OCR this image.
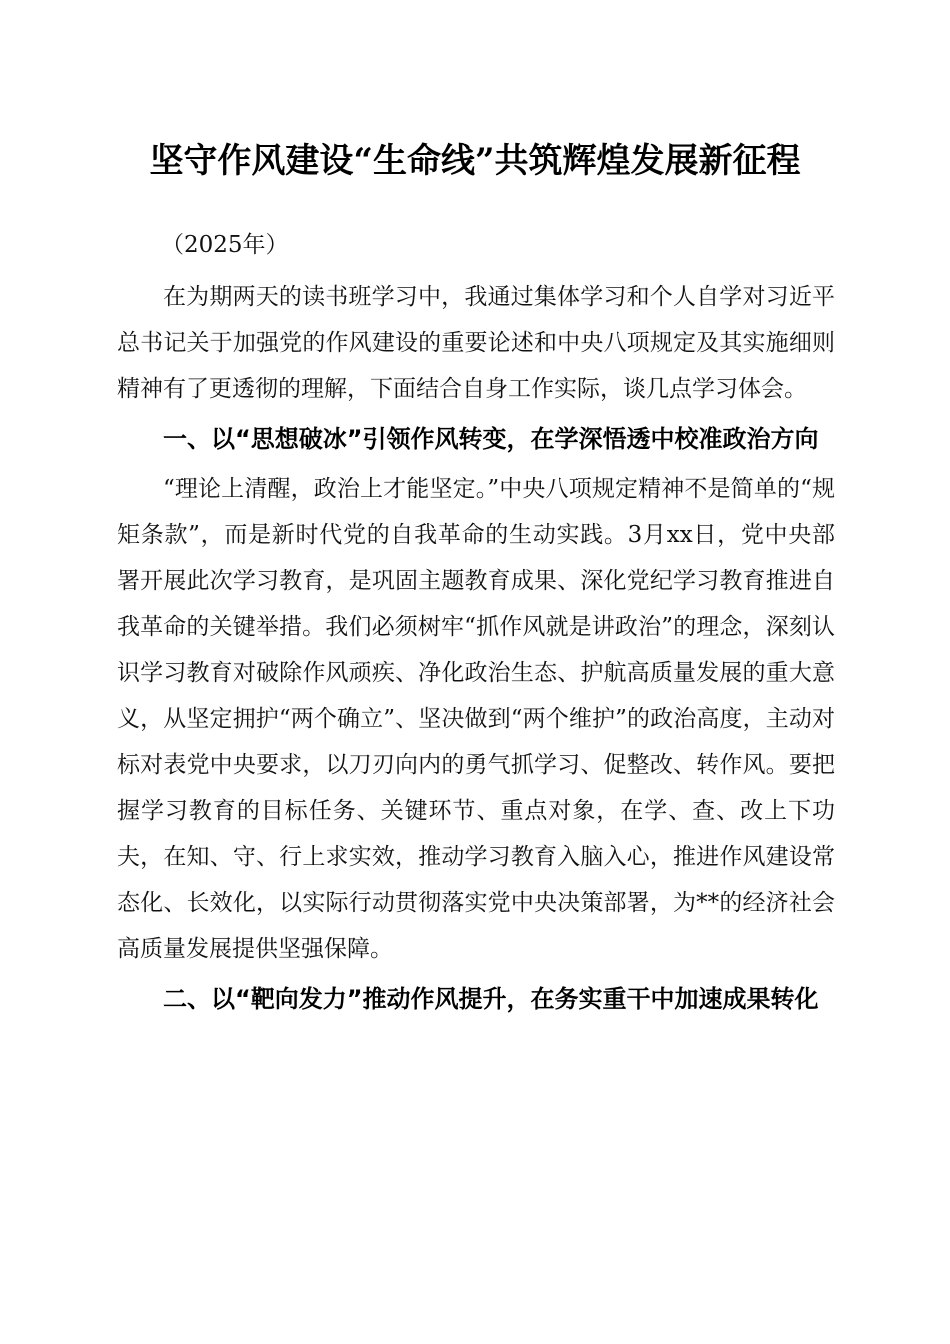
坚守作风建设“生命线”共筑辉煌发展新征程

（2025年）

在为期两天的读书班学习中，我通过集体学习和个人自学对习近平总书记关于加强党的作风建设的重要论述和中央八项规定及其实施细则精神有了更透彻的理解，下面结合自身工作实际，谈几点学习体会。

一、以“思想破冰”引领作风转变，在学深悟透中校准政治方向

“理论上清醒，政治上才能坚定。”中央八项规定精神不是简单的“规矩条款”，而是新时代党的自我革命的生动实践。3月xx日，党中央部署开展此次学习教育，是巩固主题教育成果、深化党纪学习教育推进自我革命的关键举措。我们必须树牢“抓作风就是讲政治”的理念，深刻认识学习教育对破除作风顽疾、净化政治生态、护航高质量发展的重大意义，从坚定拥护“两个确立”、坚决做到“两个维护”的政治高度，主动对标对表党中央要求，以刀刃向内的勇气抓学习、促整改、转作风。要把握学习教育的目标任务、关键环节、重点对象，在学、查、改上下功夫，在知、守、行上求实效，推动学习教育入脑入心，推进作风建设常态化、长效化，以实际行动贯彻落实党中央决策部署，为**的经济社会高质量发展提供坚强保障。

二、以“靶向发力”推动作风提升，在务实重干中加速成果转化
